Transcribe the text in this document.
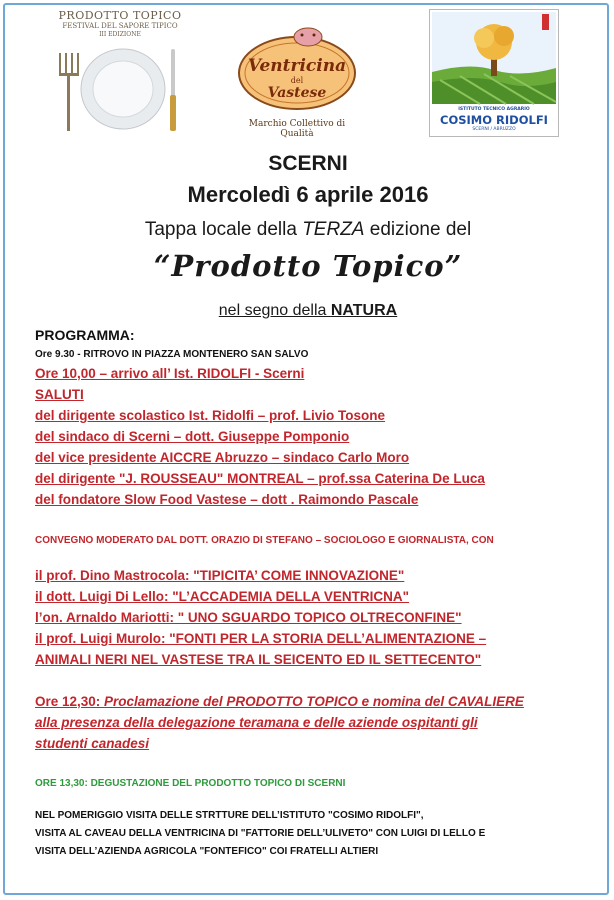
PRODOTTO TOPICO
FESTIVAL DEL SAPORE TIPICO
III EDIZIONE
Ventricina
del
Vastese
Marchio Collettivo di Qualità
ISTITUTO TECNICO AGRARIO
COSIMO RIDOLFI
SCERNI / ABRUZZO
SCERNI
Mercoledì 6 aprile 2016
Tappa locale della TERZA edizione del
“Prodotto Topico”
nel segno della NATURA
PROGRAMMA:
Ore 9.30 - RITROVO IN PIAZZA MONTENERO SAN SALVO
Ore 10,00 – arrivo all’ Ist. RIDOLFI - Scerni
SALUTI
del dirigente scolastico Ist. Ridolfi – prof. Livio Tosone
del sindaco di Scerni – dott. Giuseppe Pomponio
del vice presidente AICCRE Abruzzo – sindaco Carlo Moro
del dirigente "J. ROUSSEAU" MONTREAL – prof.ssa Caterina De Luca
del fondatore Slow Food Vastese – dott . Raimondo Pascale
CONVEGNO MODERATO DAL DOTT. ORAZIO DI STEFANO – SOCIOLOGO E GIORNALISTA, CON
il prof. Dino Mastrocola: "TIPICITA’ COME INNOVAZIONE"
il dott. Luigi Di Lello: "L’ACCADEMIA DELLA VENTRICNA"
l’on. Arnaldo Mariotti: " UNO SGUARDO TOPICO OLTRECONFINE"
il prof. Luigi Murolo: "FONTI PER LA STORIA DELL’ALIMENTAZIONE –
ANIMALI NERI NEL VASTESE TRA IL SEICENTO ED IL SETTECENTO"
Ore 12,30: Proclamazione del PRODOTTO TOPICO e nomina del CAVALIERE
alla presenza della delegazione teramana e delle aziende ospitanti gli
studenti canadesi
ORE 13,30: DEGUSTAZIONE DEL PRODOTTO TOPICO DI SCERNI
NEL POMERIGGIO VISITA DELLE STRTTURE DELL’ISTITUTO "COSIMO RIDOLFI",
VISITA AL CAVEAU DELLA VENTRICINA DI "FATTORIE DELL’ULIVETO" CON LUIGI DI LELLO E
VISITA DELL’AZIENDA AGRICOLA "FONTEFICO" COI FRATELLI ALTIERI
